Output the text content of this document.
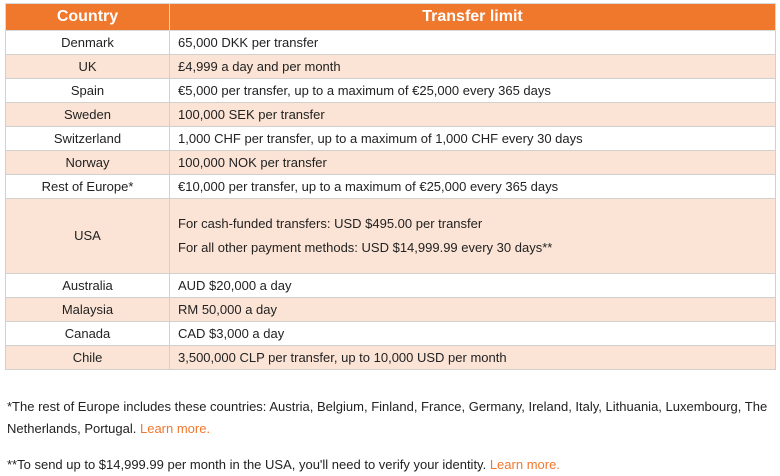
Country	Transfer limit
Denmark	65,000 DKK per transfer
UK	£4,999 a day and per month
Spain	€5,000 per transfer, up to a maximum of €25,000 every 365 days
Sweden	100,000 SEK per transfer
Switzerland	1,000 CHF per transfer, up to a maximum of 1,000 CHF every 30 days
Norway	100,000 NOK per transfer
Rest of Europe*	€10,000 per transfer, up to a maximum of €25,000 every 365 days
USA	For cash-funded transfers: USD $495.00 per transfer
For all other payment methods: USD $14,999.99 every 30 days**

Australia	AUD $20,000 a day
Malaysia	RM 50,000 a day
Canada	CAD $3,000 a day
Chile	3,500,000 CLP per transfer, up to 10,000 USD per month

*The rest of Europe includes these countries: Austria, Belgium, Finland, France, Germany, Ireland, Italy, Lithuania, Luxembourg, The Netherlands, Portugal. Learn more.

**To send up to $14,999.99 per month in the USA, you'll need to verify your identity. Learn more.
